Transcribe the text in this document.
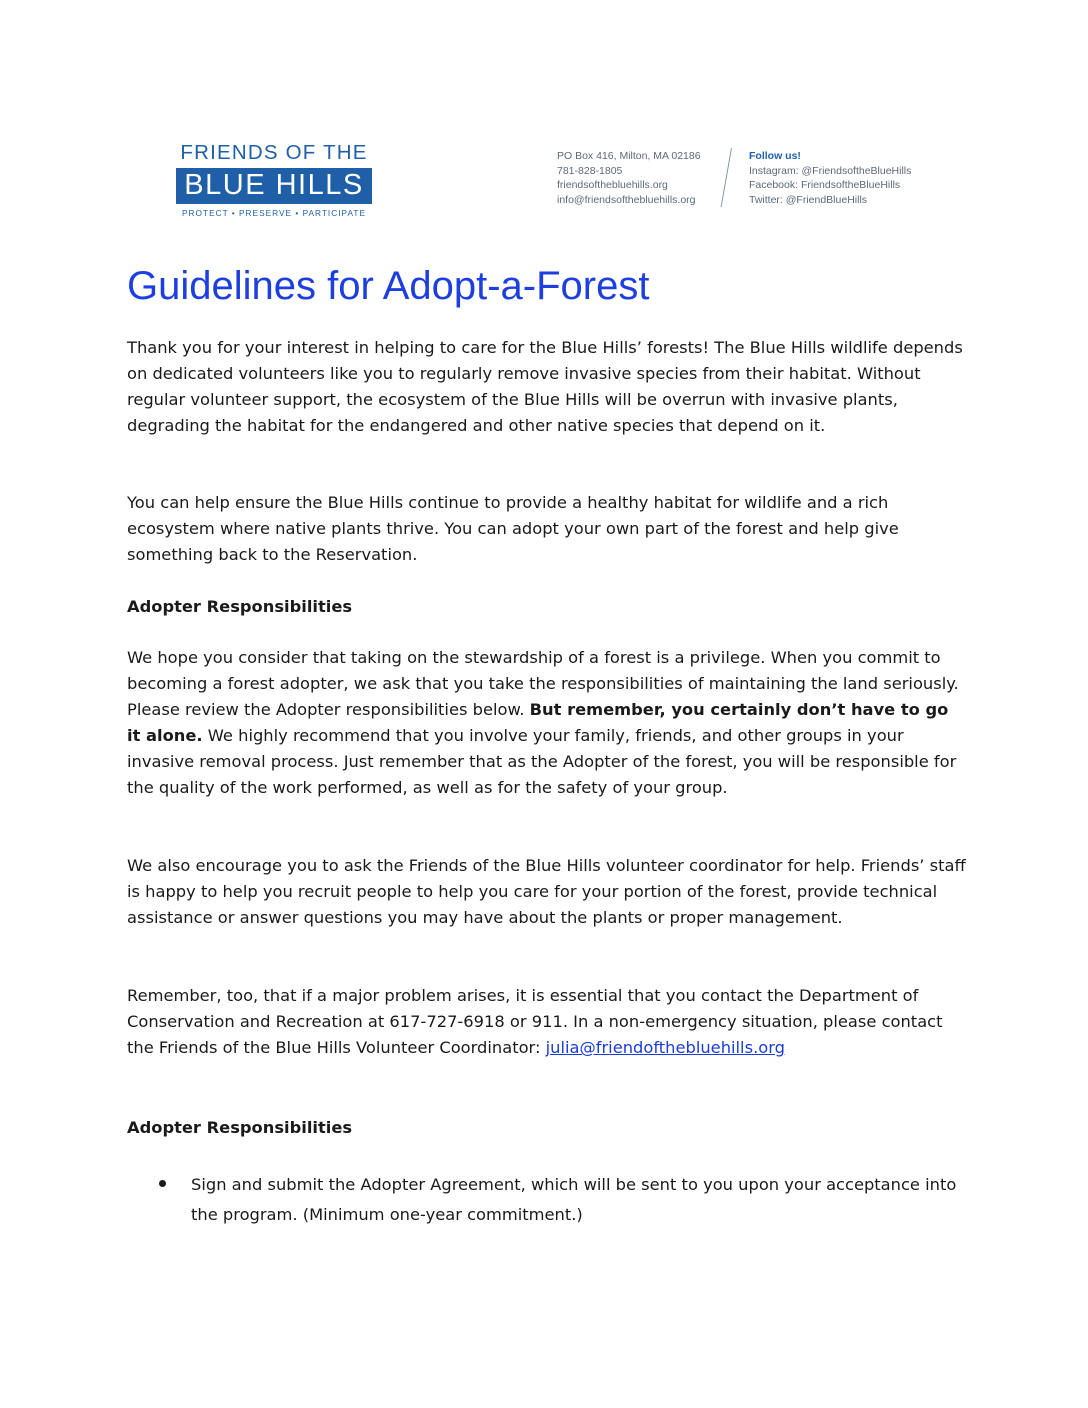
FRIENDS OF THE
BLUE HILLS
PROTECT • PRESERVE • PARTICIPATE
PO Box 416, Milton, MA 02186
781-828-1805
friendsofthebluehills.org
info@friendsofthebluehills.org
Follow us!
Instagram: @FriendsoftheBlueHills
Facebook: FriendsoftheBlueHills
Twitter: @FriendBlueHills
Guidelines for Adopt-a-Forest

Thank you for your interest in helping to care for the Blue Hills’ forests! The Blue Hills wildlife depends on dedicated volunteers like you to regularly remove invasive species from their habitat. Without regular volunteer support, the ecosystem of the Blue Hills will be overrun with invasive plants, degrading the habitat for the endangered and other native species that depend on it.

You can help ensure the Blue Hills continue to provide a healthy habitat for wildlife and a rich ecosystem where native plants thrive. You can adopt your own part of the forest and help give something back to the Reservation.

Adopter Responsibilities

We hope you consider that taking on the stewardship of a forest is a privilege. When you commit to becoming a forest adopter, we ask that you take the responsibilities of maintaining the land seriously. Please review the Adopter responsibilities below. But remember, you certainly don’t have to go it alone. We highly recommend that you involve your family, friends, and other groups in your invasive removal process. Just remember that as the Adopter of the forest, you will be responsible for the quality of the work performed, as well as for the safety of your group.

We also encourage you to ask the Friends of the Blue Hills volunteer coordinator for help. Friends’ staff is happy to help you recruit people to help you care for your portion of the forest, provide technical assistance or answer questions you may have about the plants or proper management.

Remember, too, that if a major problem arises, it is essential that you contact the Department of Conservation and Recreation at 617-727-6918 or 911. In a non-emergency situation, please contact the Friends of the Blue Hills Volunteer Coordinator: julia@friendofthebluehills.org

Adopter Responsibilities

Sign and submit the Adopter Agreement, which will be sent to you upon your acceptance into the program. (Minimum one-year commitment.)
